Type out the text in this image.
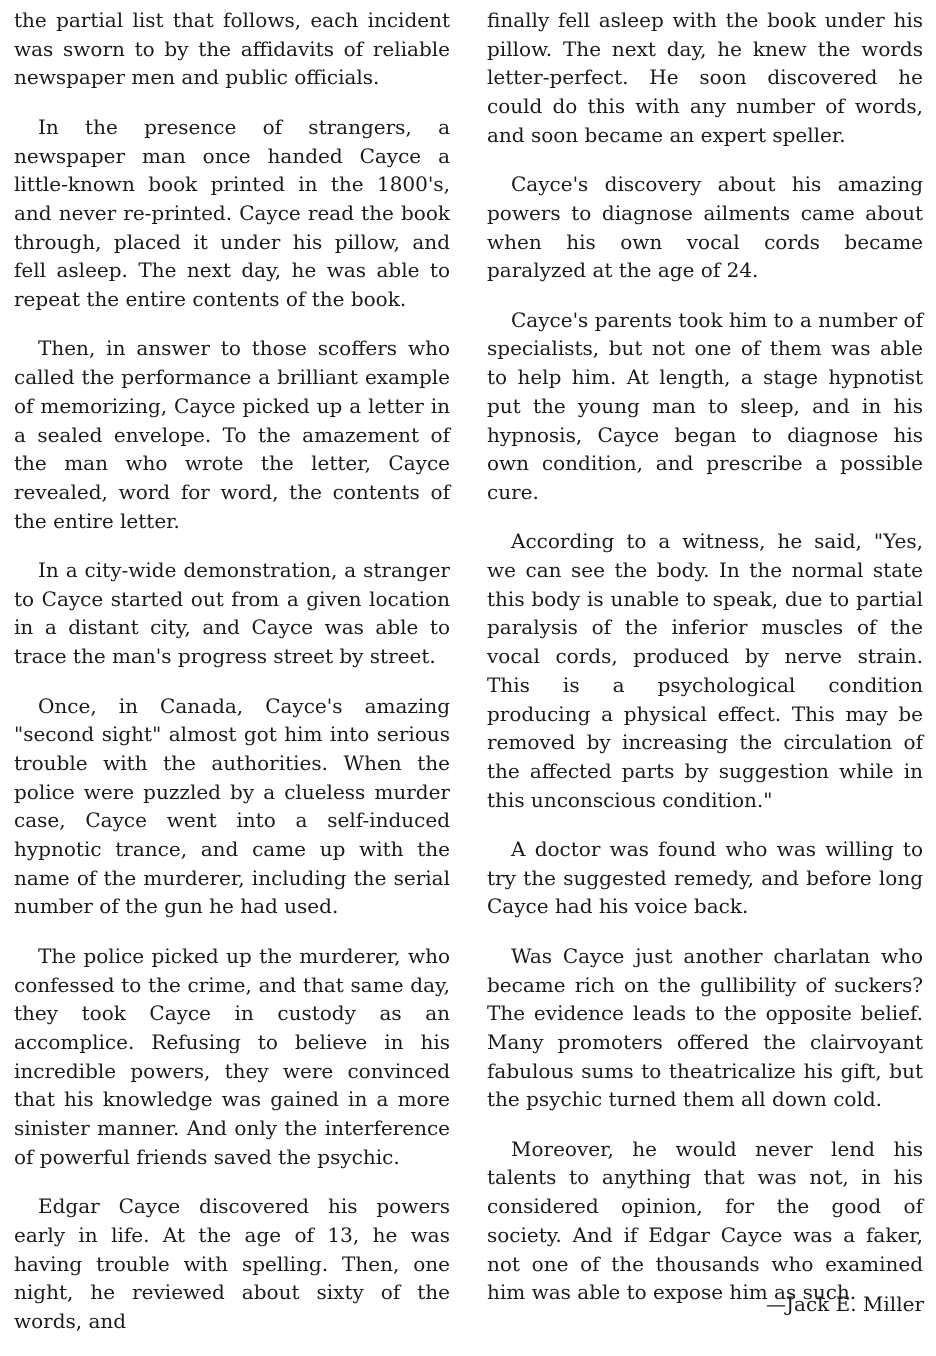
the partial list that follows, each incident was sworn to by the affidavits of reliable newspaper men and public officials.

In the presence of strangers, a newspaper man once handed Cayce a little-known book printed in the 1800's, and never re-printed. Cayce read the book through, placed it under his pillow, and fell asleep. The next day, he was able to repeat the entire contents of the book.

Then, in answer to those scoffers who called the performance a brilliant example of memorizing, Cayce picked up a letter in a sealed envelope. To the amazement of the man who wrote the letter, Cayce revealed, word for word, the contents of the entire letter.

In a city-wide demonstration, a stranger to Cayce started out from a given location in a distant city, and Cayce was able to trace the man's progress street by street.

Once, in Canada, Cayce's amazing "second sight" almost got him into serious trouble with the authorities. When the police were puzzled by a clueless murder case, Cayce went into a self-induced hypnotic trance, and came up with the name of the murderer, including the serial number of the gun he had used.

The police picked up the murderer, who confessed to the crime, and that same day, they took Cayce in custody as an accomplice. Refusing to believe in his incredible powers, they were convinced that his knowledge was gained in a more sinister manner. And only the interference of powerful friends saved the psychic.

Edgar Cayce discovered his powers early in life. At the age of 13, he was having trouble with spelling. Then, one night, he reviewed about sixty of the words, and

finally fell asleep with the book under his pillow. The next day, he knew the words letter-perfect. He soon discovered he could do this with any number of words, and soon became an expert speller.

Cayce's discovery about his amazing powers to diagnose ailments came about when his own vocal cords became paralyzed at the age of 24.

Cayce's parents took him to a number of specialists, but not one of them was able to help him. At length, a stage hypnotist put the young man to sleep, and in his hypnosis, Cayce began to diagnose his own condition, and prescribe a possible cure.

According to a witness, he said, "Yes, we can see the body. In the normal state this body is unable to speak, due to partial paralysis of the inferior muscles of the vocal cords, produced by nerve strain. This is a psychological condition producing a physical effect. This may be removed by increasing the circulation of the affected parts by suggestion while in this unconscious condition."

A doctor was found who was willing to try the suggested remedy, and before long Cayce had his voice back.

Was Cayce just another charlatan who became rich on the gullibility of suckers? The evidence leads to the opposite belief. Many promoters offered the clairvoyant fabulous sums to theatricalize his gift, but the psychic turned them all down cold.

Moreover, he would never lend his talents to anything that was not, in his considered opinion, for the good of society. And if Edgar Cayce was a faker, not one of the thousands who examined him was able to expose him as such.

—Jack E. Miller
